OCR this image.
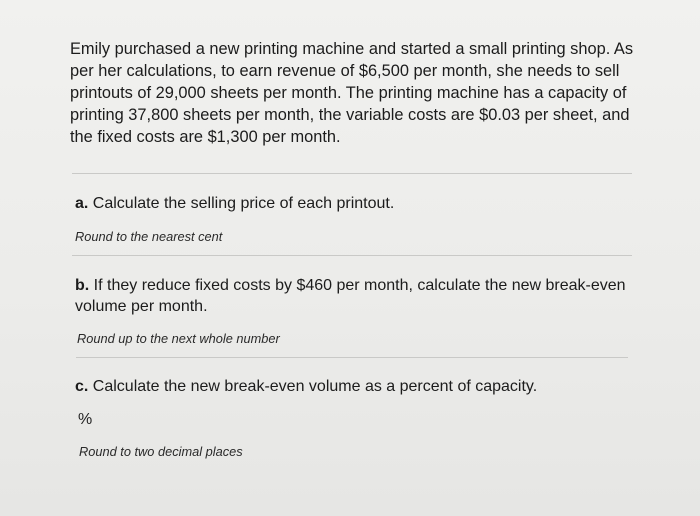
Emily purchased a new printing machine and started a small printing shop. As per her calculations, to earn revenue of $6,500 per month, she needs to sell printouts of 29,000 sheets per month. The printing machine has a capacity of printing 37,800 sheets per month, the variable costs are $0.03 per sheet, and the fixed costs are $1,300 per month.
a. Calculate the selling price of each printout.
Round to the nearest cent
b. If they reduce fixed costs by $460 per month, calculate the new break-even volume per month.
Round up to the next whole number
c. Calculate the new break-even volume as a percent of capacity.
%
Round to two decimal places
